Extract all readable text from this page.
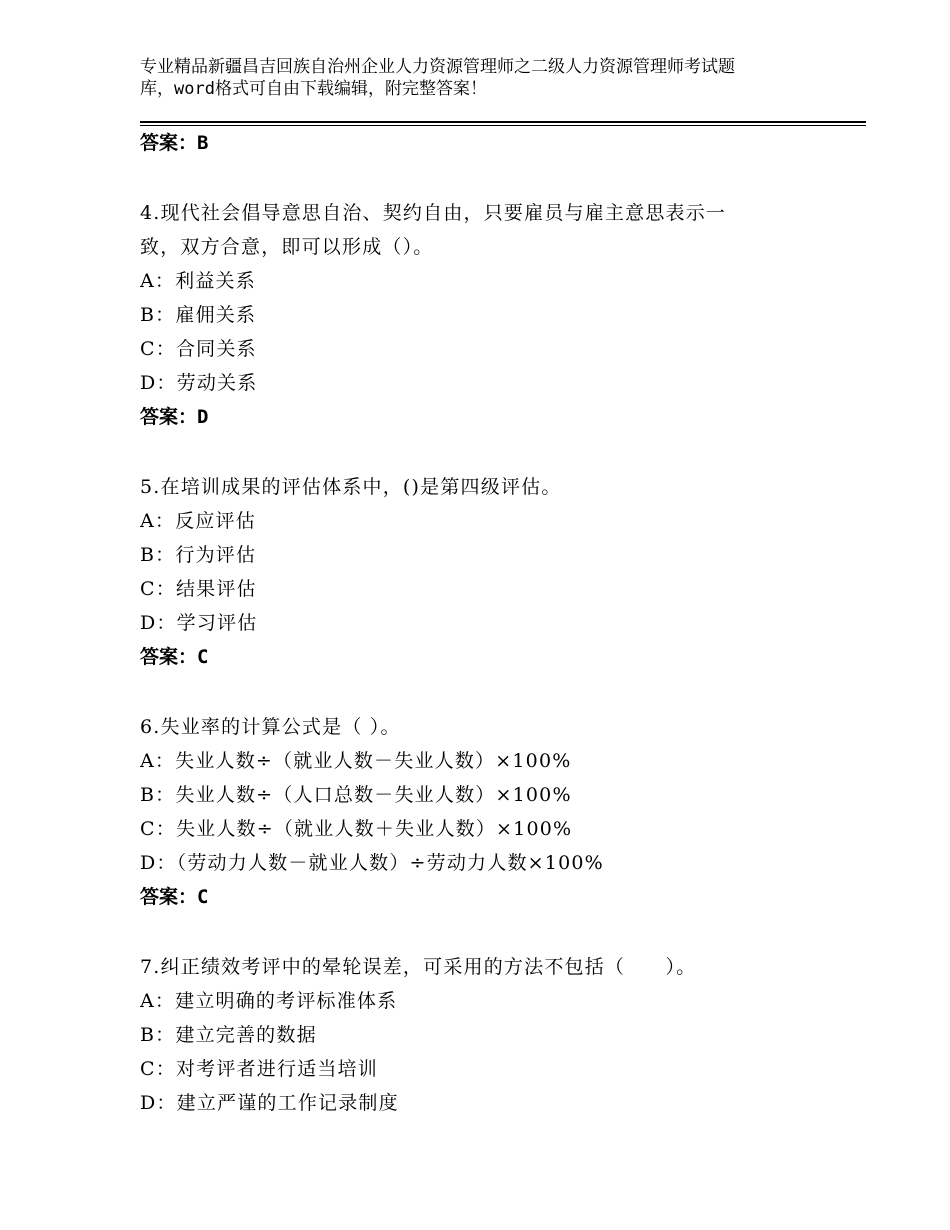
专业精品新疆昌吉回族自治州企业人力资源管理师之二级人力资源管理师考试题
库，word格式可自由下载编辑，附完整答案！
答案：B
4.现代社会倡导意思自治、契约自由，只要雇员与雇主意思表示一
致，双方合意，即可以形成（）。
A：利益关系
B：雇佣关系
C：合同关系
D：劳动关系
答案：D
5.在培训成果的评估体系中，()是第四级评估。
A：反应评估
B：行为评估
C：结果评估
D：学习评估
答案：C
6.失业率的计算公式是（ ）。
A：失业人数÷（就业人数－失业人数）×100%
B：失业人数÷（人口总数－失业人数）×100%
C：失业人数÷（就业人数＋失业人数）×100%
D：（劳动力人数－就业人数）÷劳动力人数×100%
答案：C
7.纠正绩效考评中的晕轮误差，可采用的方法不包括（　　）。
A：建立明确的考评标准体系
B：建立完善的数据
C：对考评者进行适当培训
D：建立严谨的工作记录制度
